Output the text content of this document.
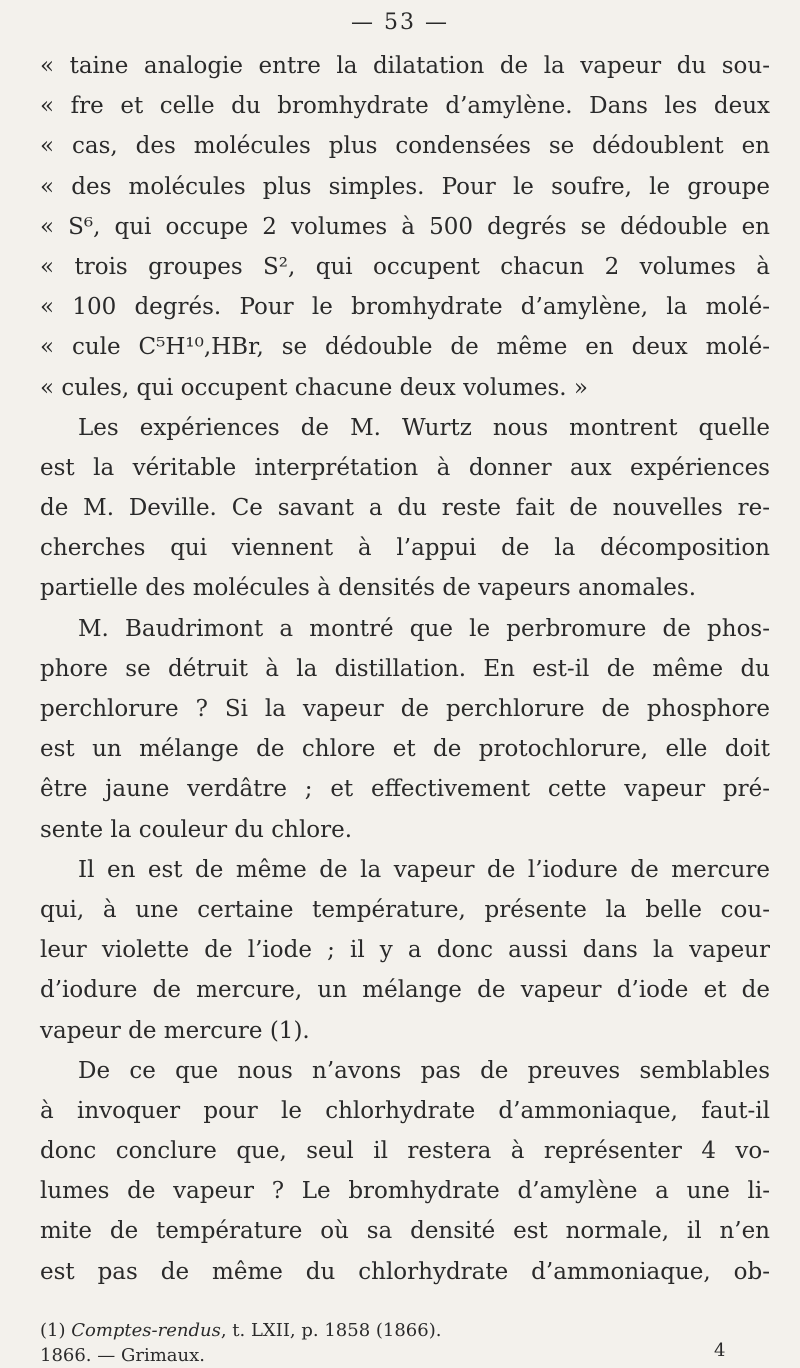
— 53 —
« taine analogie entre la dilatation de la vapeur du sou-
« fre et celle du bromhydrate d’amylène. Dans les deux
« cas, des molécules plus condensées se dédoublent en
« des molécules plus simples. Pour le soufre, le groupe
« S⁶, qui occupe 2 volumes à 500 degrés se dédouble en
« trois groupes S², qui occupent chacun 2 volumes à
« 100 degrés. Pour le bromhydrate d’amylène, la molé-
« cule C⁵H¹⁰,HBr, se dédouble de même en deux molé-
« cules, qui occupent chacune deux volumes. »
Les expériences de M. Wurtz nous montrent quelle
est la véritable interprétation à donner aux expériences
de M. Deville. Ce savant a du reste fait de nouvelles re-
cherches qui viennent à l’appui de la décomposition
partielle des molécules à densités de vapeurs anomales.
M. Baudrimont a montré que le perbromure de phos-
phore se détruit à la distillation. En est-il de même du
perchlorure ? Si la vapeur de perchlorure de phosphore
est un mélange de chlore et de protochlorure, elle doit
être jaune verdâtre ; et effectivement cette vapeur pré-
sente la couleur du chlore.
Il en est de même de la vapeur de l’iodure de mercure
qui, à une certaine température, présente la belle cou-
leur violette de l’iode ; il y a donc aussi dans la vapeur
d’iodure de mercure, un mélange de vapeur d’iode et de
vapeur de mercure (1).
De ce que nous n’avons pas de preuves semblables
à invoquer pour le chlorhydrate d’ammoniaque, faut-il
donc conclure que, seul il restera à représenter 4 vo-
lumes de vapeur ? Le bromhydrate d’amylène a une li-
mite de température où sa densité est normale, il n’en
est pas de même du chlorhydrate d’ammoniaque, ob-
(1) Comptes-rendus, t. LXII, p. 1858 (1866).
1866. — Grimaux.	4
